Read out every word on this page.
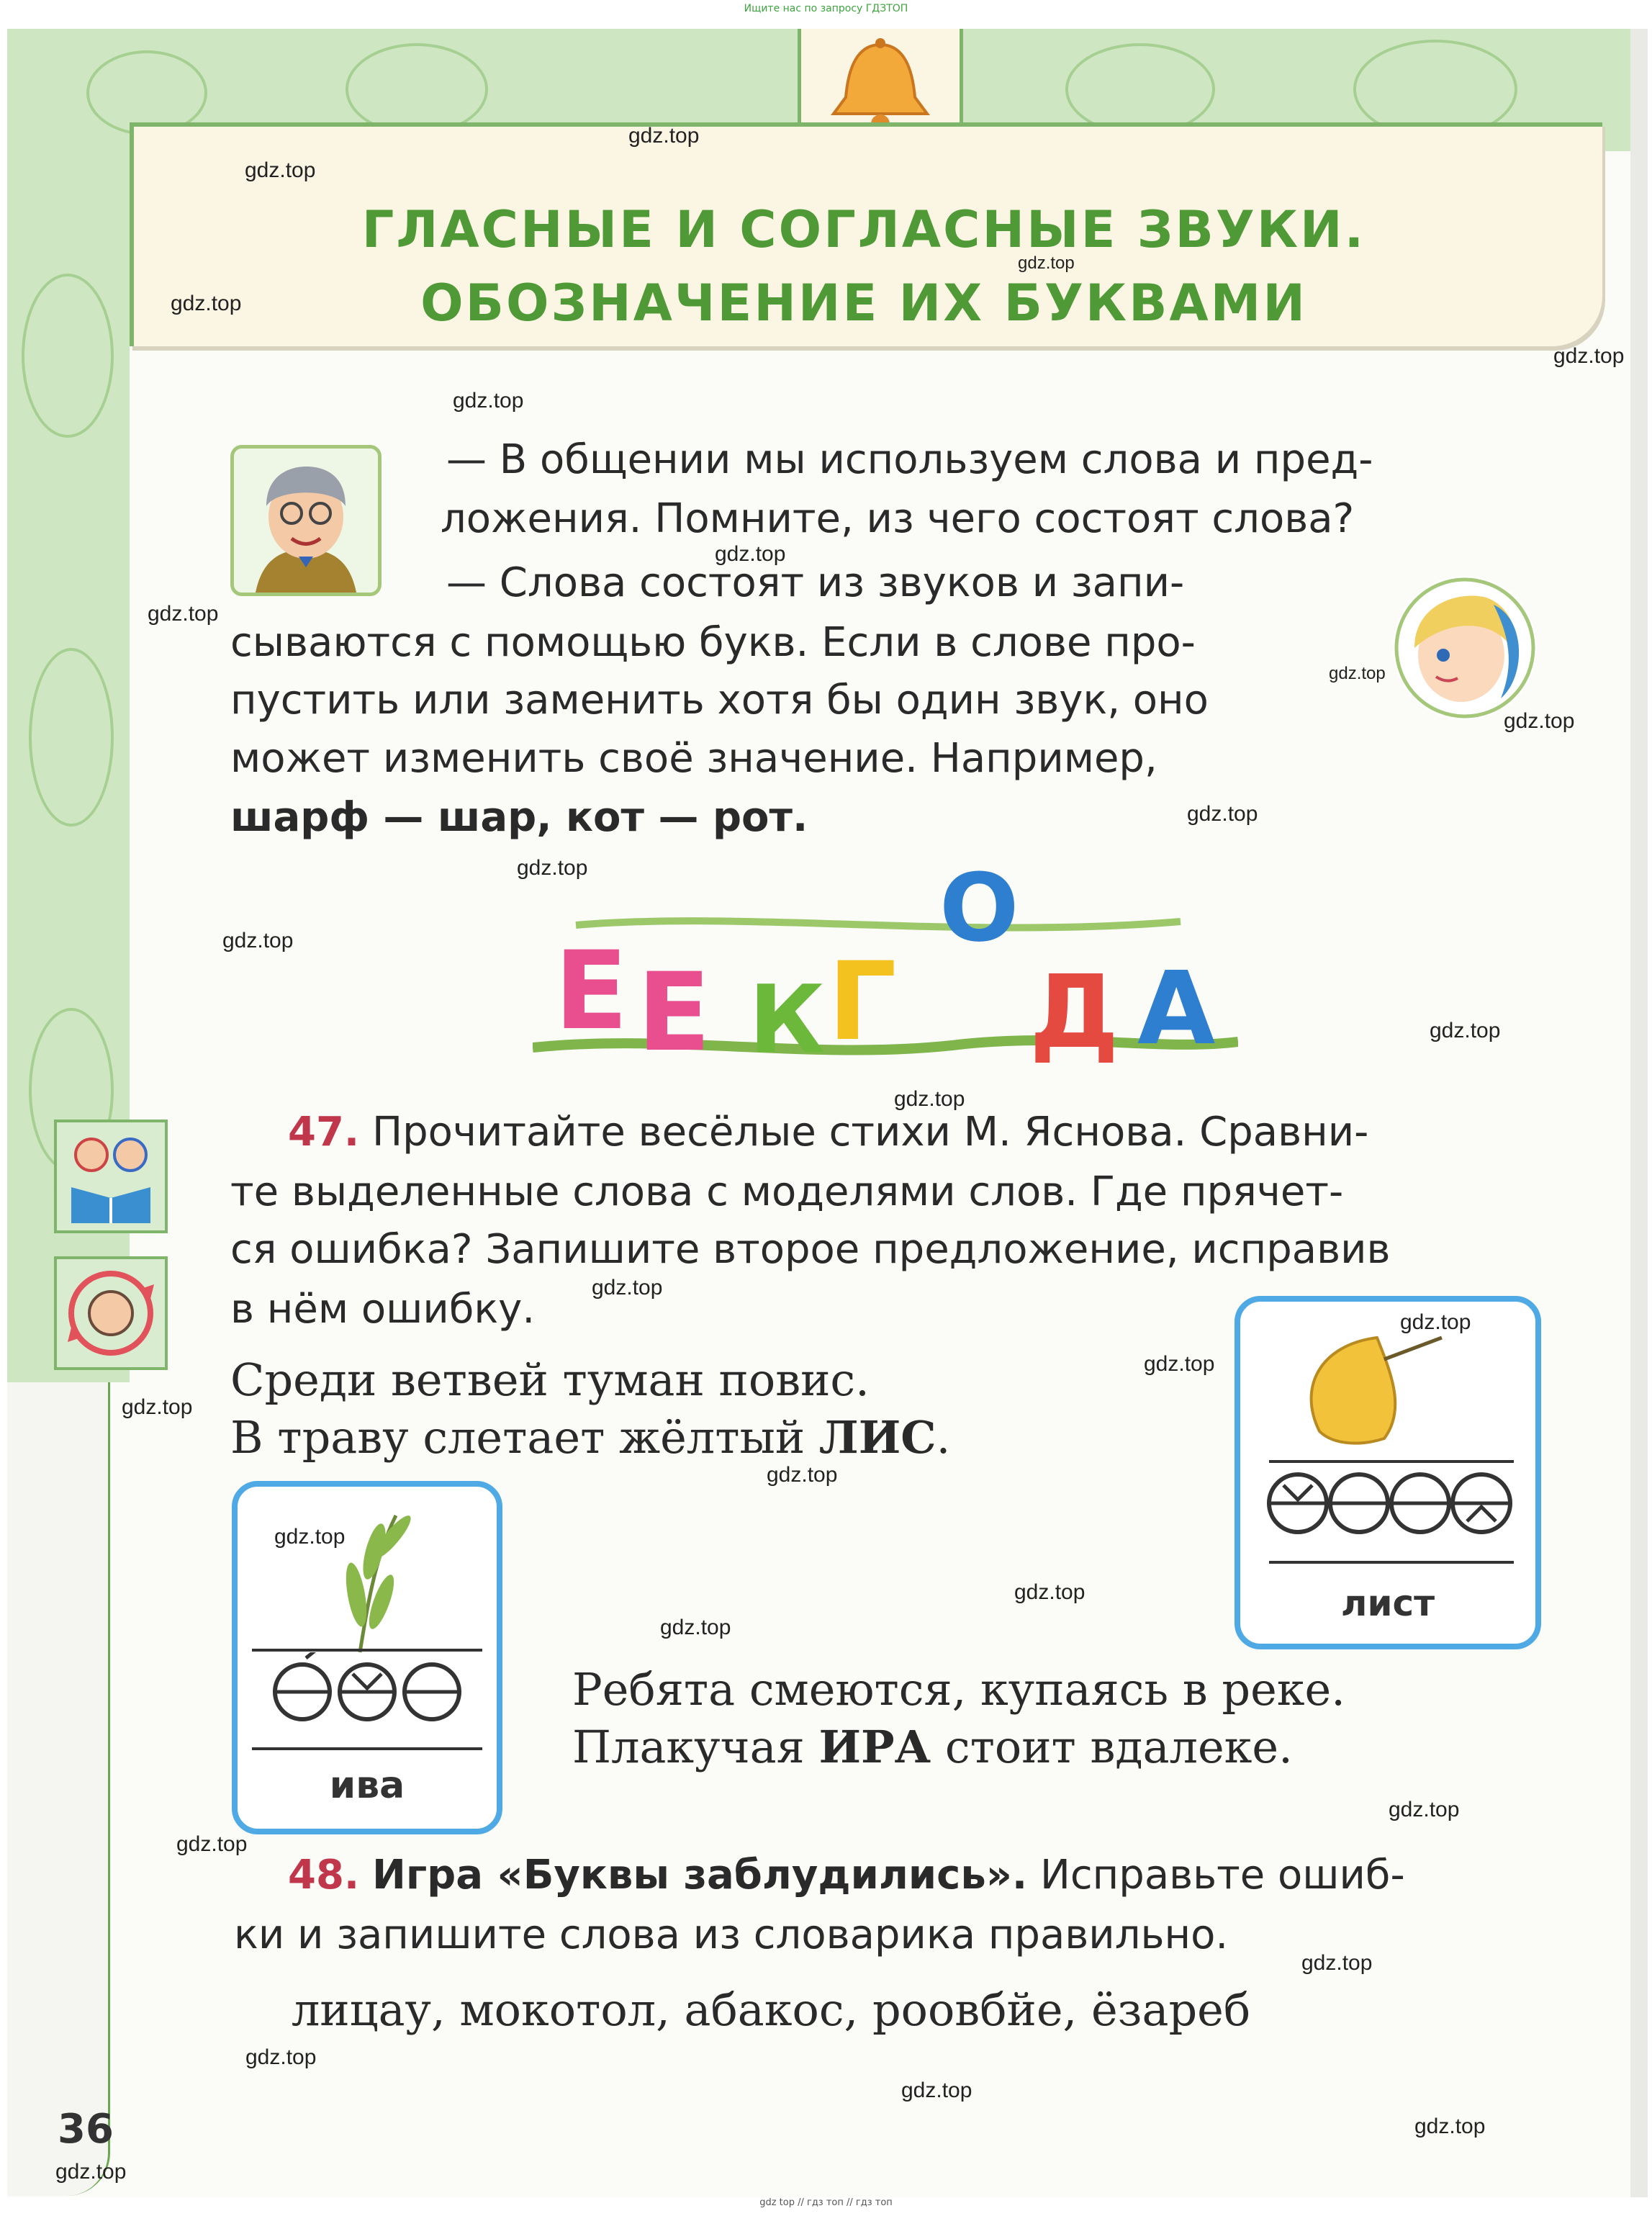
Ищите нас по запросу ГДЗТОП
ГЛАСНЫЕ И СОГЛАСНЫЕ ЗВУКИ.
ОБОЗНАЧЕНИЕ ИХ БУКВАМИ
— В общении мы используем слова и пред-
ложения. Помните, из чего состоят слова?
— Слова состоят из звуков и запи-
сываются с помощью букв. Если в слове про-
пустить или заменить хотя бы один звук, оно
может изменить своё значение. Например,
шарф — шар, кот — рот.
Е Е К Г
О
Д А
47. Прочитайте весёлые стихи М. Яснова. Сравни-
те выделенные слова с моделями слов. Где прячет-
ся ошибка? Запишите второе предложение, исправив
в нём ошибку.
Среди ветвей туман повис.
В траву слетает жёлтый ЛИС.
лист
ива
Ребята смеются, купаясь в реке.
Плакучая ИРА стоит вдалеке.
48. Игра «Буквы заблудились». Исправьте ошиб-
ки и запишите слова из словарика правильно.
лицау, мокотол, абакос, роовбйе, ёзареб
36
gdz.top
gdz.top
gdz.top
gdz.top
gdz.top
gdz.top
gdz.top
gdz.top
gdz.top
gdz.top
gdz.top
gdz.top
gdz.top
gdz.top
gdz.top
gdz.top
gdz.top
gdz.top
gdz.top
gdz.top
gdz.top
gdz.top
gdz.top
gdz.top
gdz.top
gdz.top
gdz.top
gdz.top
gdz.top
gdz.top
gdz top // гдз топ // гдз топ
